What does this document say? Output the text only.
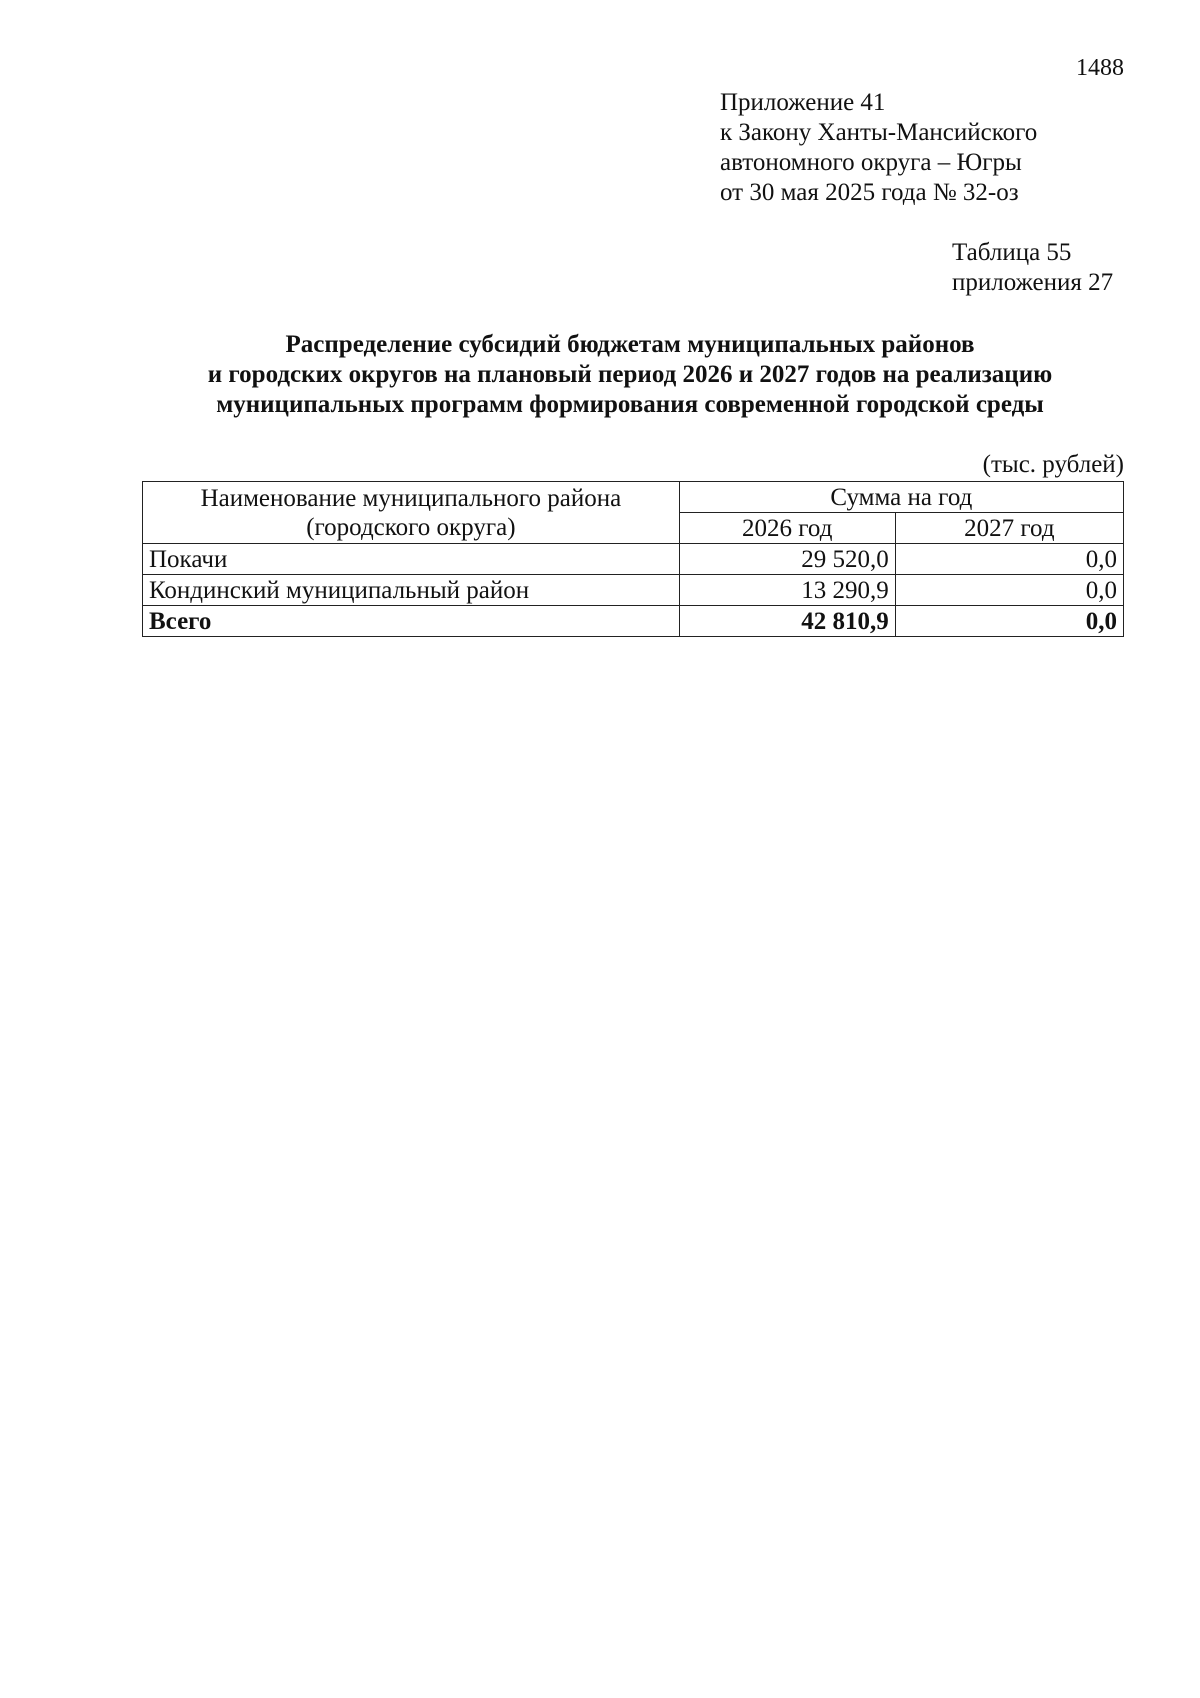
1488
Приложение 41
к Закону Ханты-Мансийского
автономного округа – Югры
от 30 мая 2025 года № 32-оз
Таблица 55
приложения 27
Распределение субсидий бюджетам муниципальных районов
и городских округов на плановый период 2026 и 2027 годов на реализацию
муниципальных программ формирования современной городской среды
(тыс. рублей)
Наименование муниципального района
(городского округа)	Сумма на год	
	2026 год	2027 год
Покачи	29 520,0	0,0
Кондинский муниципальный район	13 290,9	0,0
Всего	42 810,9	0,0
